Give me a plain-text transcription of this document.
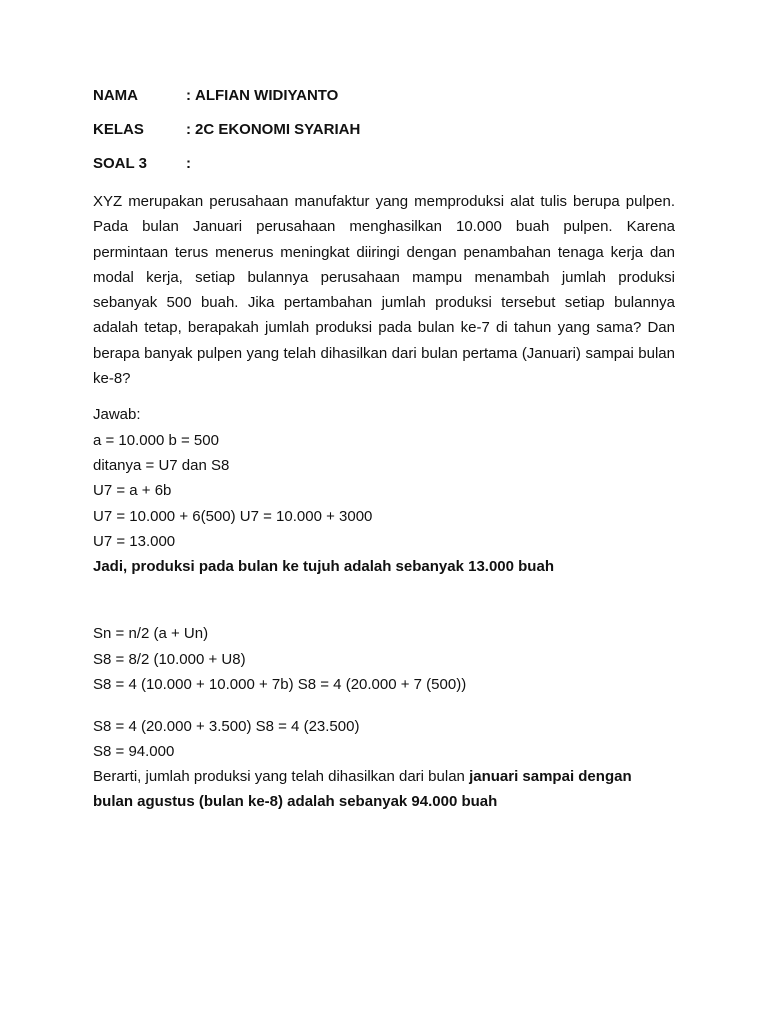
NAMA	: ALFIAN WIDIYANTO
KELAS	: 2C EKONOMI SYARIAH
SOAL 3	:

XYZ merupakan perusahaan manufaktur yang memproduksi alat tulis berupa pulpen. Pada bulan Januari perusahaan menghasilkan 10.000 buah pulpen. Karena permintaan terus menerus meningkat diiringi dengan penambahan tenaga kerja dan modal kerja, setiap bulannya perusahaan mampu menambah jumlah produksi sebanyak 500 buah. Jika pertambahan jumlah produksi tersebut setiap bulannya adalah tetap, berapakah jumlah produksi pada bulan ke-7 di tahun yang sama? Dan berapa banyak pulpen yang telah dihasilkan dari bulan pertama (Januari) sampai bulan ke-8?

Jawab:
a = 10.000 b = 500
ditanya = U7 dan S8
U7 = a + 6b
U7 = 10.000 + 6(500) U7 = 10.000 + 3000
U7 = 13.000
Jadi, produksi pada bulan ke tujuh adalah sebanyak 13.000 buah
Sn = n/2 (a + Un)
S8 = 8/2 (10.000 + U8)
S8 = 4 (10.000 + 10.000 + 7b) S8 = 4 (20.000 + 7 (500))
S8 = 4 (20.000 + 3.500) S8 = 4 (23.500)
S8 = 94.000
Berarti, jumlah produksi yang telah dihasilkan dari bulan januari sampai dengan
bulan agustus (bulan ke-8) adalah sebanyak 94.000 buah
